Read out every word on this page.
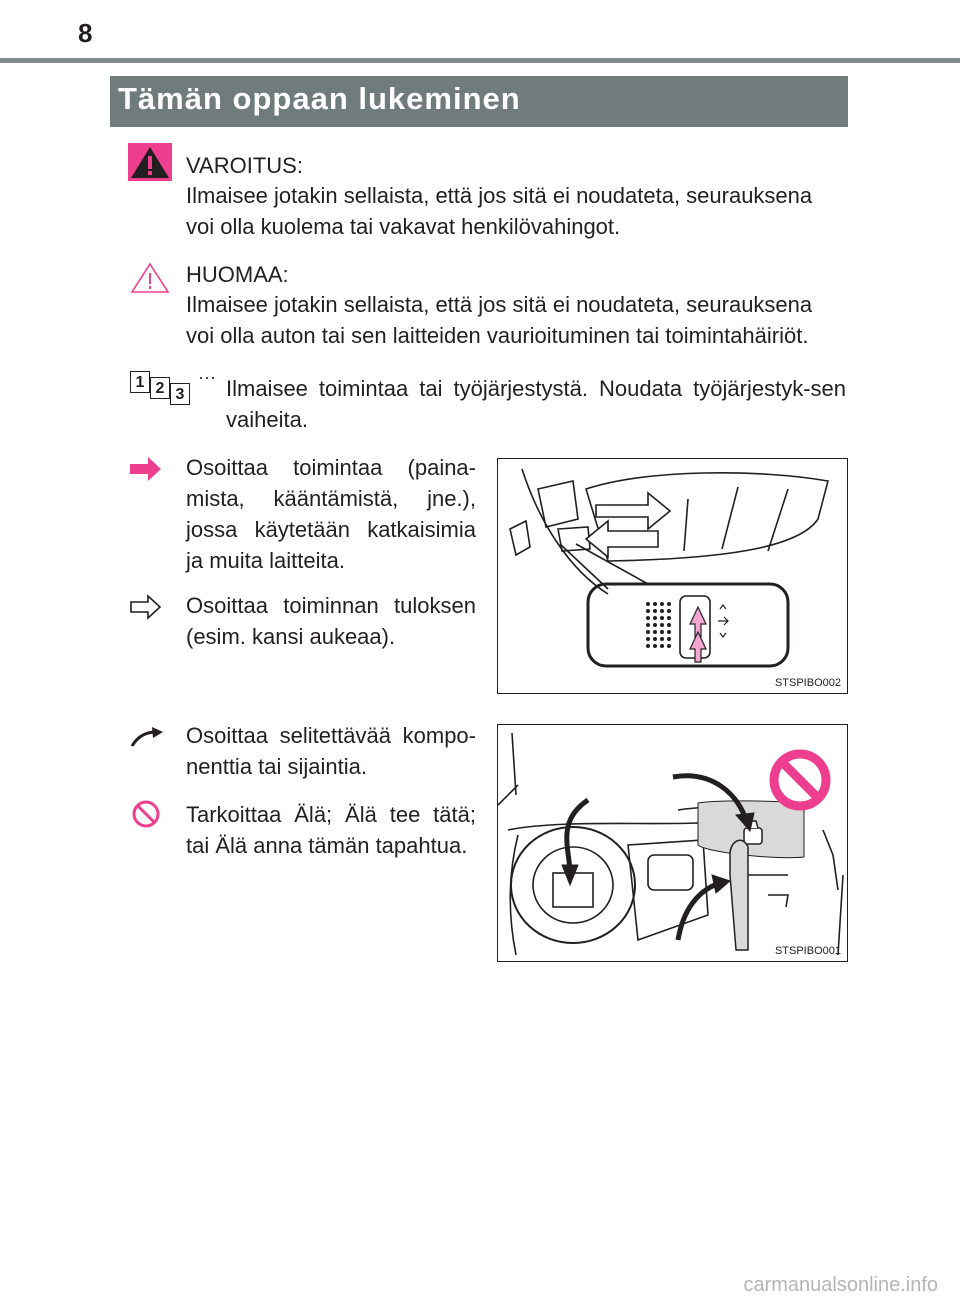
8
Tämän oppaan lukeminen
VAROITUS:
Ilmaisee jotakin sellaista, että jos sitä ei noudateta, seurauksena voi olla kuolema tai vakavat henkilövahingot.
HUOMAA:
Ilmaisee jotakin sellaista, että jos sitä ei noudateta, seurauksena voi olla auton tai sen laitteiden vaurioituminen tai toimintahäiriöt.
1 2 3
··· Ilmaisee toimintaa tai työjärjestystä. Noudata työjärjestyk-sen vaiheita.
Osoittaa toimintaa (paina-mista, kääntämistä, jne.), jossa käytetään katkaisimia ja muita laitteita.
Osoittaa toiminnan tuloksen (esim. kansi aukeaa).
STSPIBO002
Osoittaa selitettävää kompo-nenttia tai sijaintia.
Tarkoittaa Älä; Älä tee tätä; tai Älä anna tämän tapahtua.
STSPIBO001
carmanualsonline.info
